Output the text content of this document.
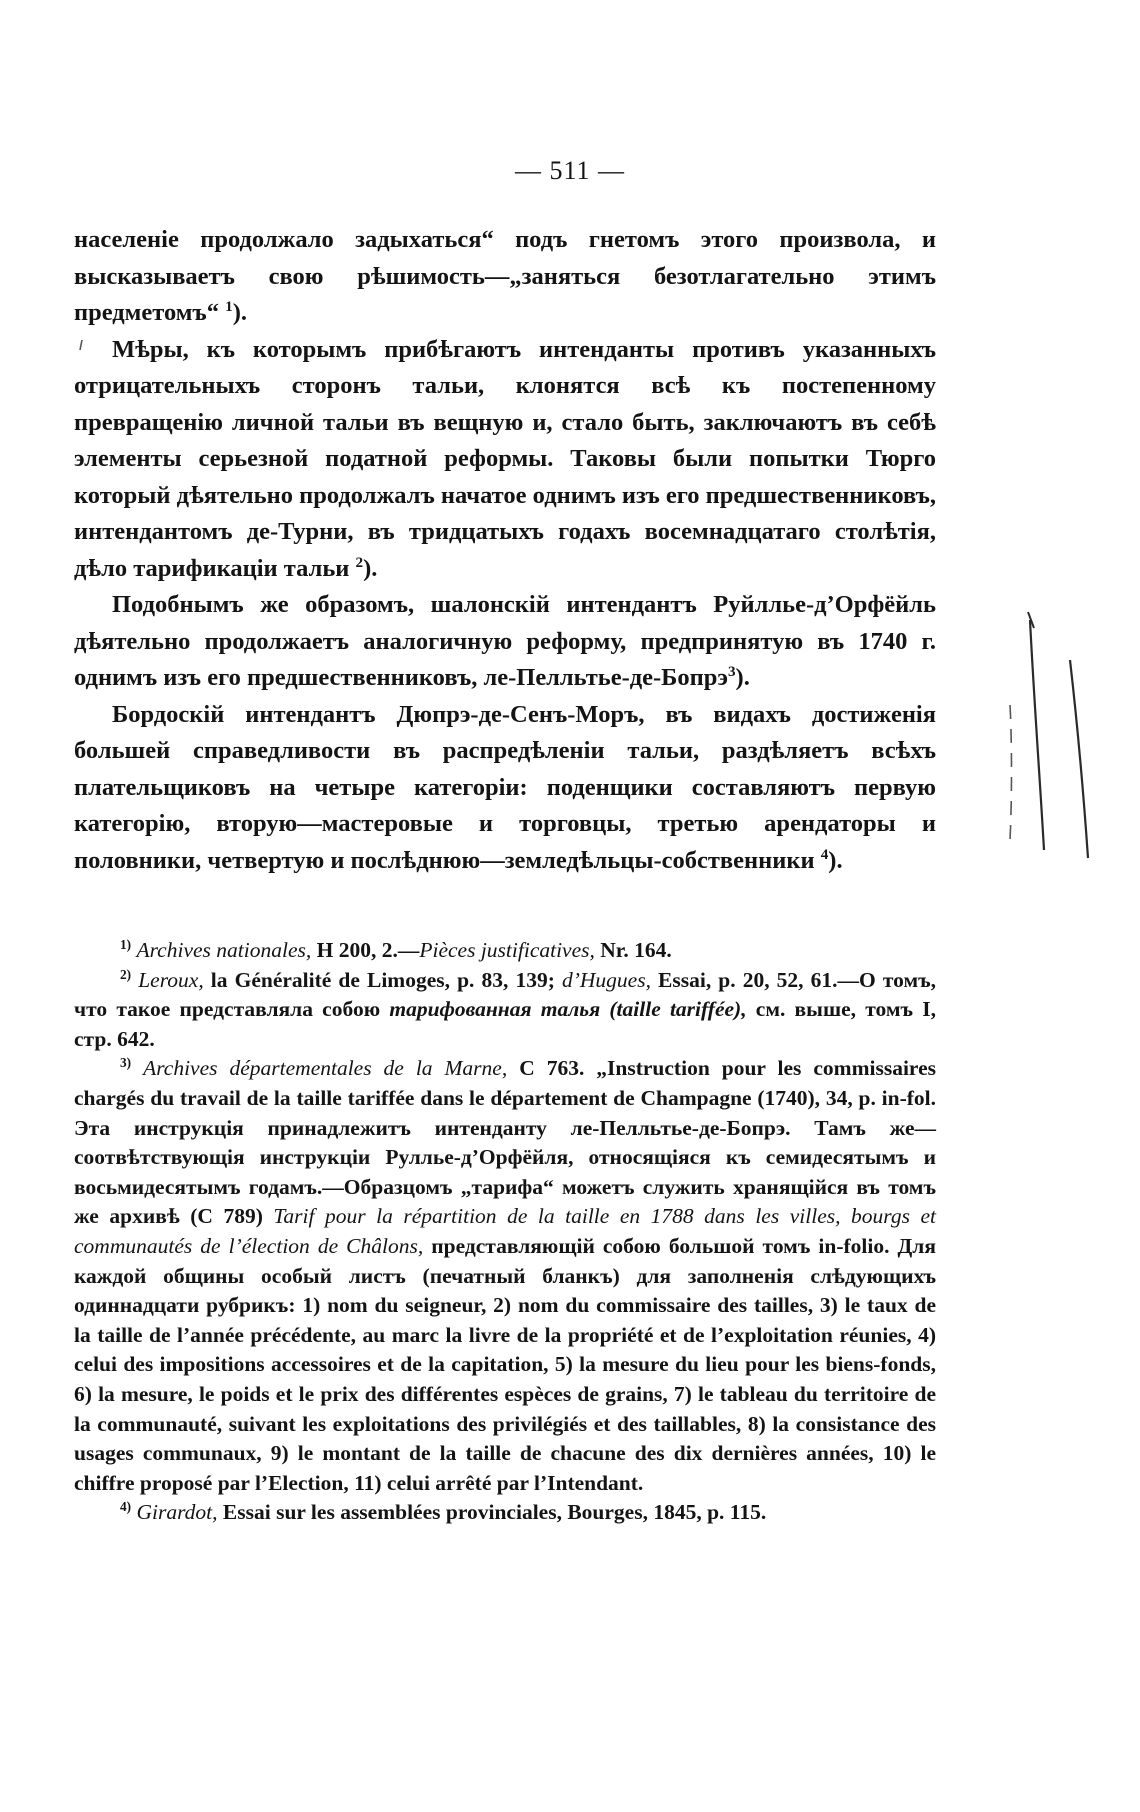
— 511 —

населеніе продолжало задыхаться“ подъ гнетомъ этого произвола, и высказываетъ свою рѣшимость—„заняться безотлагательно этимъ предметомъ“ $^1$).

Мѣры, къ которымъ прибѣгаютъ интенданты противъ указанныхъ отрицательныхъ сторонъ тальи, клонятся всѣ къ постепенному превращенію личной тальи въ вещную и, стало быть, заключаютъ въ себѣ элементы серьезной податной реформы. Таковы были попытки Тюрго который дѣятельно продолжалъ начатое однимъ изъ его предшественниковъ, интендантомъ де-Турни, въ тридцатыхъ годахъ восемнадцатаго столѣтія, дѣло тарификаціи тальи $^2$).

Подобнымъ же образомъ, шалонскій интендантъ Руйлльe-д’Орфёйль дѣятельно продолжаетъ аналогичную реформу, предпринятую въ 1740 г. однимъ изъ его предшественниковъ, ле-Пелльтье-де-Бопрэ$^3$).

Бордоскій интендантъ Дюпрэ-де-Сенъ-Моръ, въ видахъ достиженія большей справедливости въ распредѣленіи тальи, раздѣляетъ всѣхъ плательщиковъ на четыре категоріи: поденщики составляютъ первую категорію, вторую—мастеровые и торговцы, третью арендаторы и половники, четвертую и послѣднюю—земледѣльцы-собственники $^4$).

$^{1)}$ Archives nationales, H 200, 2.—Pièces justificatives, Nr. 164.

$^{2)}$ Leroux, la Généralité de Limoges, p. 83, 139; d’Hugues, Essai, p. 20, 52, 61.—О томъ, что такое представляла собою тарифованная талья (taille tariffée), см. выше, томъ I, стр. 642.

$^{3)}$ Archives départementales de la Marne, C 763. „Instruction pour les commissaires chargés du travail de la taille tariffée dans le département de Champagne (1740), 34, p. in-fol. Эта инструкція принадлежитъ интенданту ле-Пелльтье-де-Бопрэ. Тамъ же—соотвѣтствующія инструкціи Руллье-д’Орфёйля, относящіяся къ семидесятымъ и восьмидесятымъ годамъ.—Образцомъ „тарифа“ можетъ служить хранящійся въ томъ же архивѣ (С 789) Tarif pour la répartition de la taille en 1788 dans les villes, bourgs et communautés de l’élection de Châlons, представляющій собою большой томъ in-folio. Для каждой общины особый листъ (печатный бланкъ) для заполненія слѣдующихъ одиннадцати рубрикъ: 1) nom du seigneur, 2) nom du commissaire des tailles, 3) le taux de la taille de l’année précédente, au marc la livre de la propriété et de l’exploitation réunies, 4) celui des impositions accessoires et de la capitation, 5) la mesure du lieu pour les biens-fonds, 6) la mesure, le poids et le prix des différentes espèces de grains, 7) le tableau du territoire de la communauté, suivant les exploitations des privilégiés et des taillables, 8) la consistance des usages communaux, 9) le montant de la taille de chacune des dix dernières années, 10) le chiffre proposé par l’Election, 11) celui arrêté par l’Intendant.

$^{4)}$ Girardot, Essai sur les assemblées provinciales, Bourges, 1845, p. 115.
